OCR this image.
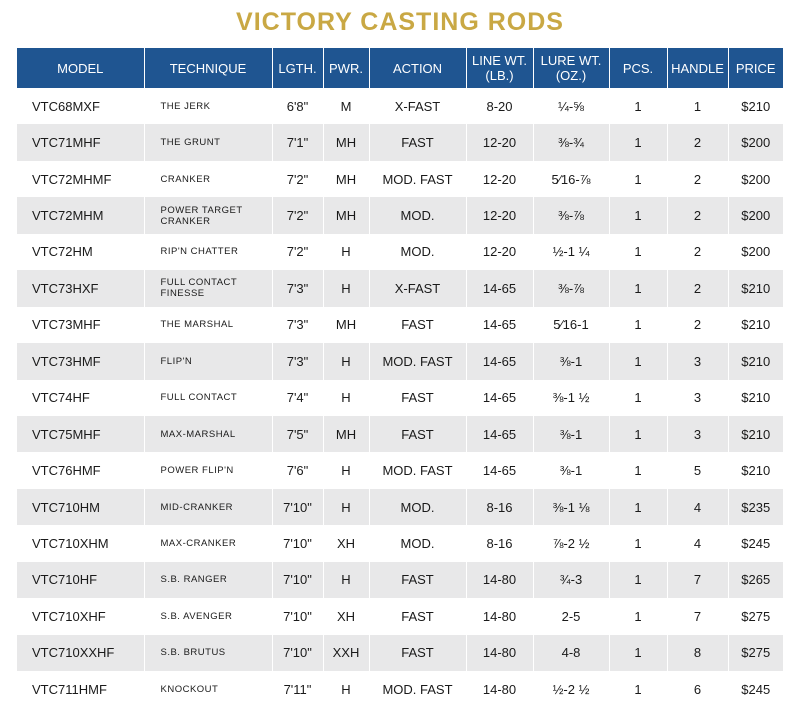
VICTORY CASTING RODS
MODEL	TECHNIQUE	LGTH.	PWR.	ACTION	LINE WT. (LB.)	LURE WT. (OZ.)	PCS.	HANDLE	PRICE
VTC68MXF	THE JERK	6'8"	M	X-FAST	8-20	¼-⅝	1	1	$210
VTC71MHF	THE GRUNT	7'1"	MH	FAST	12-20	⅜-¾	1	2	$200
VTC72MHMF	CRANKER	7'2"	MH	MOD. FAST	12-20	5⁄16-⅞	1	2	$200
VTC72MHM	POWER TARGET CRANKER	7'2"	MH	MOD.	12-20	⅜-⅞	1	2	$200
VTC72HM	RIP'N CHATTER	7'2"	H	MOD.	12-20	½-1 ¼	1	2	$200
VTC73HXF	FULL CONTACT FINESSE	7'3"	H	X-FAST	14-65	⅜-⅞	1	2	$210
VTC73MHF	THE MARSHAL	7'3"	MH	FAST	14-65	5⁄16-1	1	2	$210
VTC73HMF	FLIP'N	7'3"	H	MOD. FAST	14-65	⅜-1	1	3	$210
VTC74HF	FULL CONTACT	7'4"	H	FAST	14-65	⅜-1 ½	1	3	$210
VTC75MHF	MAX-MARSHAL	7'5"	MH	FAST	14-65	⅜-1	1	3	$210
VTC76HMF	POWER FLIP'N	7'6"	H	MOD. FAST	14-65	⅜-1	1	5	$210
VTC710HM	MID-CRANKER	7'10"	H	MOD.	8-16	⅜-1 ⅛	1	4	$235
VTC710XHM	MAX-CRANKER	7'10"	XH	MOD.	8-16	⅞-2 ½	1	4	$245
VTC710HF	S.B. RANGER	7'10"	H	FAST	14-80	¾-3	1	7	$265
VTC710XHF	S.B. AVENGER	7'10"	XH	FAST	14-80	2-5	1	7	$275
VTC710XXHF	S.B. BRUTUS	7'10"	XXH	FAST	14-80	4-8	1	8	$275
VTC711HMF	KNOCKOUT	7'11"	H	MOD. FAST	14-80	½-2 ½	1	6	$245
